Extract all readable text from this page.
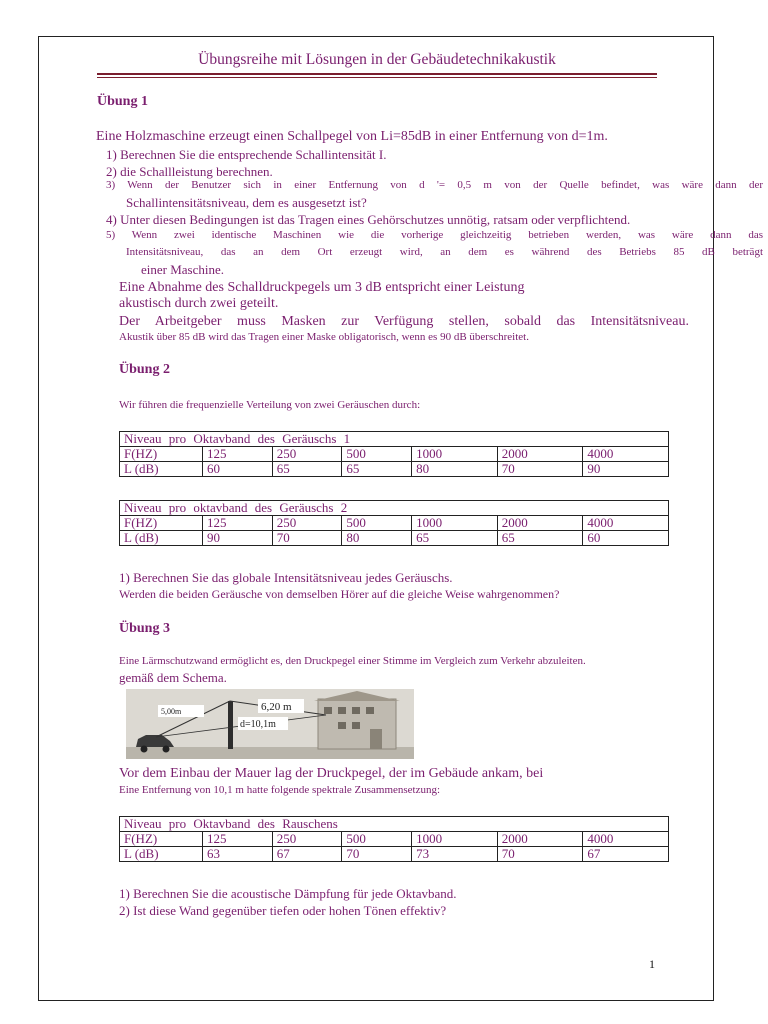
Übungsreihe mit Lösungen in der Gebäudetechnikakustik
Übung 1
Eine Holzmaschine erzeugt einen Schallpegel von Li=85dB in einer Entfernung von d=1m.
1) Berechnen Sie die entsprechende Schallintensität I.
2) die Schallleistung berechnen.
3) Wenn der Benutzer sich in einer Entfernung von d '= 0,5 m von der Quelle befindet, was wäre dann der
Schallintensitätsniveau, dem es ausgesetzt ist?
4) Unter diesen Bedingungen ist das Tragen eines Gehörschutzes unnötig, ratsam oder verpflichtend.
5) Wenn zwei identische Maschinen wie die vorherige gleichzeitig betrieben werden, was wäre dann das
Intensitätsniveau, das an dem Ort erzeugt wird, an dem es während des Betriebs 85 dB beträgt
einer Maschine.
Eine Abnahme des Schalldruckpegels um 3 dB entspricht einer Leistung
akustisch durch zwei geteilt.
Der Arbeitgeber muss Masken zur Verfügung stellen, sobald das Intensitätsniveau.
Akustik über 85 dB wird das Tragen einer Maske obligatorisch, wenn es 90 dB überschreitet.
Übung 2
Wir führen die frequenzielle Verteilung von zwei Geräuschen durch:
Niveau pro Oktavband des Geräuschs 1						
F(HZ)	125	250	500	1000	2000	4000
L (dB)	60	65	65	80	70	90
Niveau pro oktavband des Geräuschs 2						
F(HZ)	125	250	500	1000	2000	4000
L (dB)	90	70	80	65	65	60
1) Berechnen Sie das globale Intensitätsniveau jedes Geräuschs.
Werden die beiden Geräusche von demselben Hörer auf die gleiche Weise wahrgenommen?
Übung 3
Eine Lärmschutzwand ermöglicht es, den Druckpegel einer Stimme im Vergleich zum Verkehr abzuleiten.
gemäß dem Schema.
5,00m	6,20 m
d=10,1m
Vor dem Einbau der Mauer lag der Druckpegel, der im Gebäude ankam, bei
Eine Entfernung von 10,1 m hatte folgende spektrale Zusammensetzung:
Niveau pro Oktavband des Rauschens						
F(HZ)	125	250	500	1000	2000	4000
L (dB)	63	67	70	73	70	67
1) Berechnen Sie die acoustische Dämpfung für jede Oktavband.
2) Ist diese Wand gegenüber tiefen oder hohen Tönen effektiv?
1
